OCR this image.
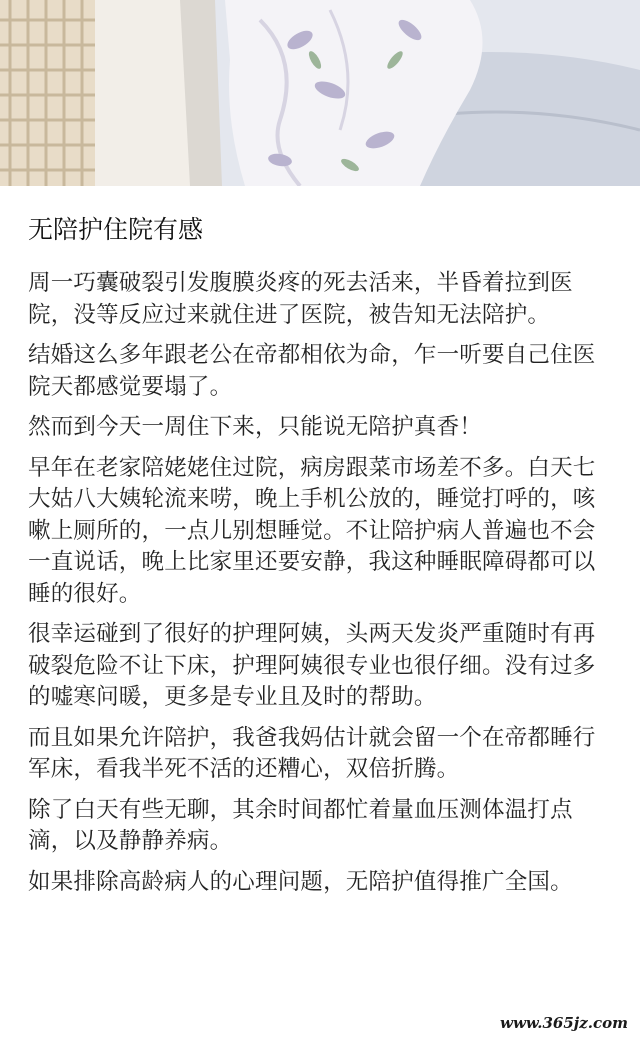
无陪护住院有感

周一巧囊破裂引发腹膜炎疼的死去活来，半昏着拉到医院，没等反应过来就住进了医院，被告知无法陪护。

结婚这么多年跟老公在帝都相依为命，乍一听要自己住医院天都感觉要塌了。

然而到今天一周住下来，只能说无陪护真香！

早年在老家陪姥姥住过院，病房跟菜市场差不多。白天七大姑八大姨轮流来唠，晚上手机公放的，睡觉打呼的，咳嗽上厕所的，一点儿别想睡觉。不让陪护病人普遍也不会一直说话，晚上比家里还要安静，我这种睡眠障碍都可以睡的很好。

很幸运碰到了很好的护理阿姨，头两天发炎严重随时有再破裂危险不让下床，护理阿姨很专业也很仔细。没有过多的嘘寒问暖，更多是专业且及时的帮助。

而且如果允许陪护，我爸我妈估计就会留一个在帝都睡行军床，看我半死不活的还糟心，双倍折腾。

除了白天有些无聊，其余时间都忙着量血压测体温打点滴，以及静静养病。

如果排除高龄病人的心理问题，无陪护值得推广全国。

www.365jz.com
